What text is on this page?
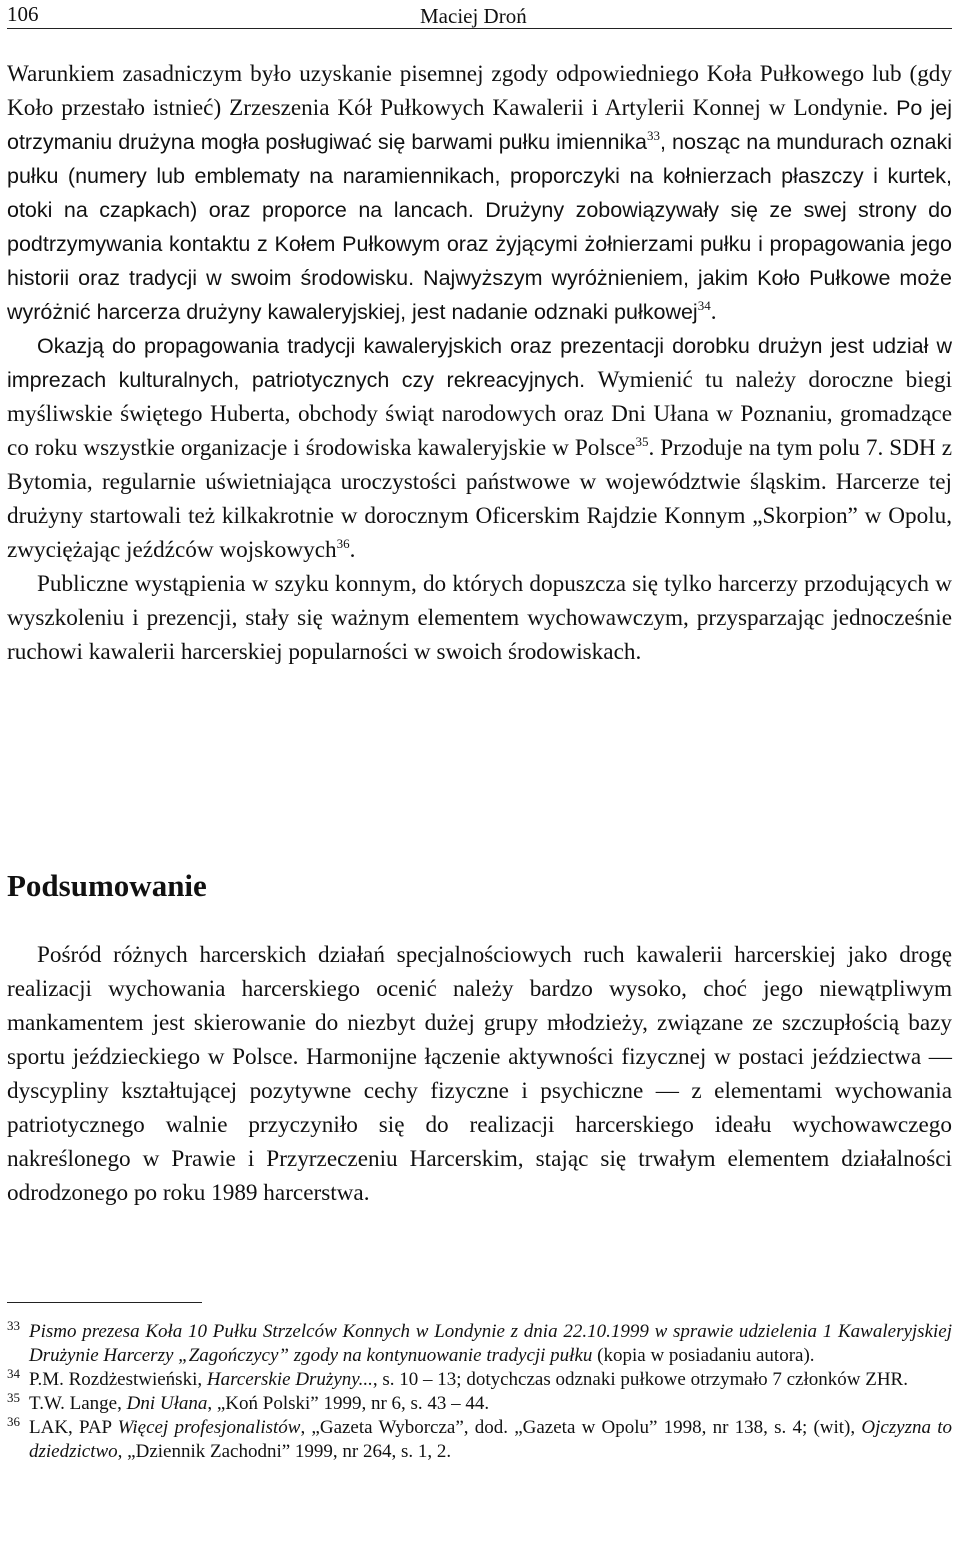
106	Maciej Droń

Warunkiem zasadniczym było uzyskanie pisemnej zgody odpowiedniego Koła Pułkowego lub (gdy Koło przestało istnieć) Zrzeszenia Kół Pułkowych Kawalerii i Artylerii Konnej w Londynie. Po jej otrzymaniu drużyna mogła posługiwać się barwami pułku imiennika$^{33}$, nosząc na mundurach oznaki pułku (numery lub emblematy na naramiennikach, proporczyki na kołnierzach płaszczy i kurtek, otoki na czapkach) oraz proporce na lancach. Drużyny zobowiązywały się ze swej strony do podtrzymywania kontaktu z Kołem Pułkowym oraz żyjącymi żołnierzami pułku i propagowania jego historii oraz tradycji w swoim środowisku. Najwyższym wyróżnieniem, jakim Koło Pułkowe może wyróżnić harcerza drużyny kawaleryjskiej, jest nadanie odznaki pułkowej$^{34}$.

Okazją do propagowania tradycji kawaleryjskich oraz prezentacji dorobku drużyn jest udział w imprezach kulturalnych, patriotycznych czy rekreacyjnych. Wymienić tu należy doroczne biegi myśliwskie świętego Huberta, obchody świąt narodowych oraz Dni Ułana w Poznaniu, gromadzące co roku wszystkie organizacje i środowiska kawaleryjskie w Polsce$^{35}$. Przoduje na tym polu 7. SDH z Bytomia, regularnie uświetniająca uroczystości państwowe w województwie śląskim. Harcerze tej drużyny startowali też kilkakrotnie w dorocznym Oficerskim Rajdzie Konnym „Skorpion” w Opolu, zwyciężając jeźdźców wojskowych$^{36}$.

Publiczne wystąpienia w szyku konnym, do których dopuszcza się tylko harcerzy przodujących w wyszkoleniu i prezencji, stały się ważnym elementem wychowawczym, przysparzając jednocześnie ruchowi kawalerii harcerskiej popularności w swoich środowiskach.

Podsumowanie

Pośród różnych harcerskich działań specjalnościowych ruch kawalerii harcerskiej jako drogę realizacji wychowania harcerskiego ocenić należy bardzo wysoko, choć jego niewątpliwym mankamentem jest skierowanie do niezbyt dużej grupy młodzieży, związane ze szczupłością bazy sportu jeździeckiego w Polsce. Harmonijne łączenie aktywności fizycznej w postaci jeździectwa — dyscypliny kształtującej pozytywne cechy fizyczne i psychiczne — z elementami wychowania patriotycznego walnie przyczyniło się do realizacji harcerskiego ideału wychowawczego nakreślonego w Prawie i Przyrzeczeniu Harcerskim, stając się trwałym elementem działalności odrodzonego po roku 1989 harcerstwa.

$^{33}$ Pismo prezesa Koła 10 Pułku Strzelców Konnych w Londynie z dnia 22.10.1999 w sprawie udzielenia 1 Kawaleryjskiej Drużynie Harcerzy „Zagończycy” zgody na kontynuowanie tradycji pułku (kopia w posiadaniu autora).

$^{34}$ P.M. Rozdżestwieński, Harcerskie Drużyny..., s. 10 – 13; dotychczas odznaki pułkowe otrzymało 7 członków ZHR.

$^{35}$ T.W. Lange, Dni Ułana, „Koń Polski” 1999, nr 6, s. 43 – 44.

$^{36}$ LAK, PAP Więcej profesjonalistów, „Gazeta Wyborcza”, dod. „Gazeta w Opolu” 1998, nr 138, s. 4; (wit), Ojczyzna to dziedzictwo, „Dziennik Zachodni” 1999, nr 264, s. 1, 2.
